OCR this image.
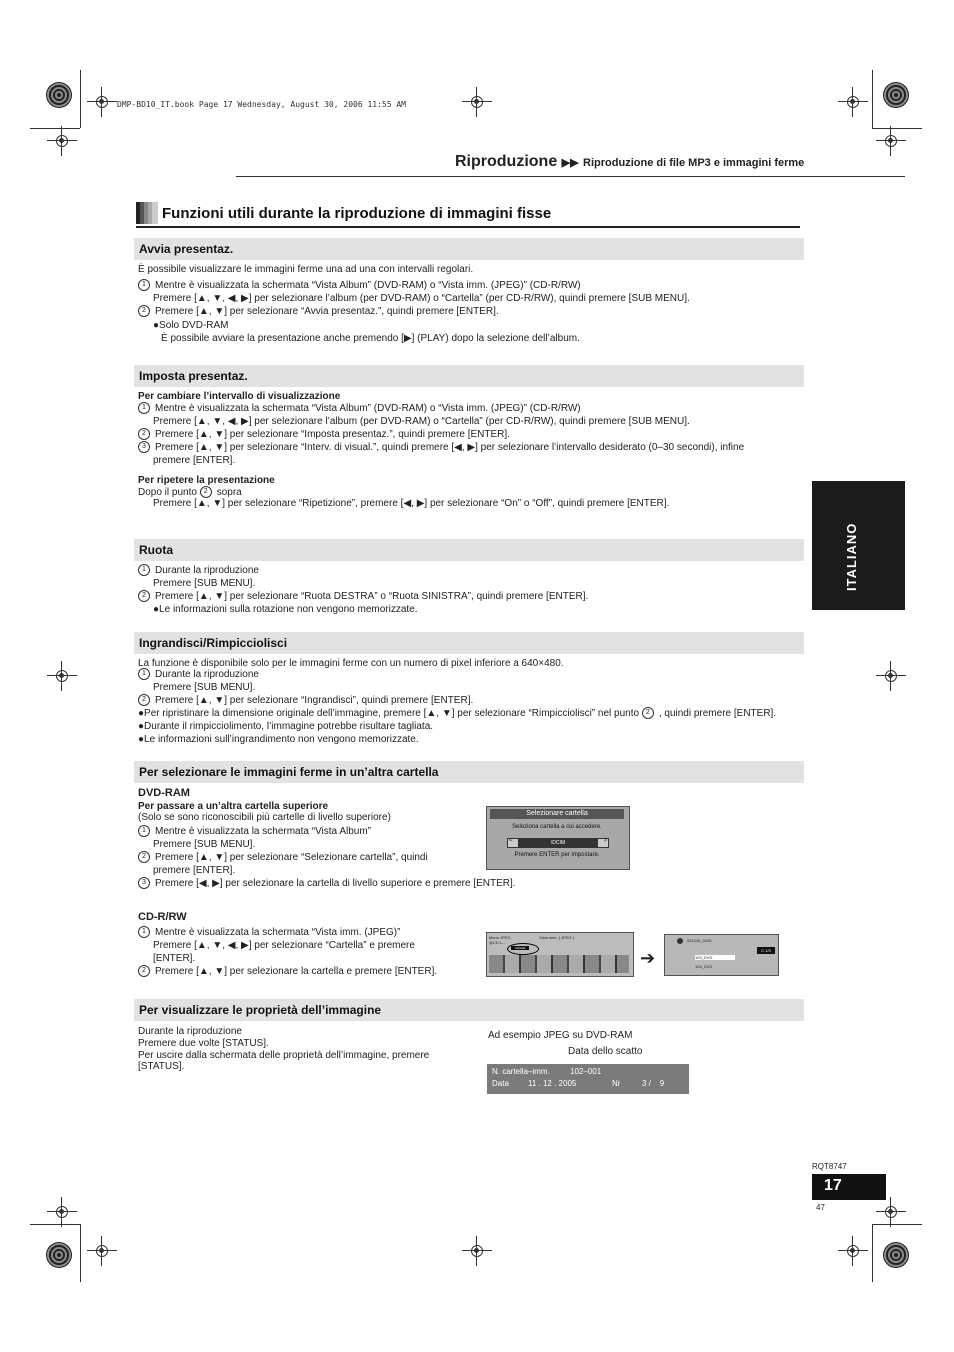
DMP-BD10_IT.book Page 17 Wednesday, August 30, 2006 11:55 AM
Riproduzione ▶▶ Riproduzione di file MP3 e immagini ferme
Funzioni utili durante la riproduzione di immagini fisse
ITALIANO
Avvia presentaz.
È possibile visualizzare le immagini ferme una ad una con intervalli regolari.
1 Mentre è visualizzata la schermata “Vista Album” (DVD-RAM) o “Vista imm. (JPEG)” (CD-R/RW)
Premere [▲, ▼, ◀, ▶] per selezionare l’album (per DVD-RAM) o “Cartella” (per CD-R/RW), quindi premere [SUB MENU].
2 Premere [▲, ▼] per selezionare “Avvia presentaz.”, quindi premere [ENTER].
●Solo DVD-RAM
È possibile avviare la presentazione anche premendo [▶] (PLAY) dopo la selezione dell’album.
Imposta presentaz.
Per cambiare l’intervallo di visualizzazione
1 Mentre è visualizzata la schermata “Vista Album” (DVD-RAM) o “Vista imm. (JPEG)” (CD-R/RW)
Premere [▲, ▼, ◀, ▶] per selezionare l’album (per DVD-RAM) o “Cartella” (per CD-R/RW), quindi premere [SUB MENU].
2 Premere [▲, ▼] per selezionare “Imposta presentaz.”, quindi premere [ENTER].
3 Premere [▲, ▼] per selezionare “Interv. di visual.”, quindi premere [◀, ▶] per selezionare l’intervallo desiderato (0–30 secondi), infine
premere [ENTER].
Per ripetere la presentazione
Dopo il punto 2 sopra
Premere [▲, ▼] per selezionare “Ripetizione”, premere [◀, ▶] per selezionare “On” o “Off”, quindi premere [ENTER].
Ruota
1 Durante la riproduzione
Premere [SUB MENU].
2 Premere [▲, ▼] per selezionare “Ruota DESTRA” o “Ruota SINISTRA”, quindi premere [ENTER].
●Le informazioni sulla rotazione non vengono memorizzate.
Ingrandisci/Rimpicciolisci
La funzione è disponibile solo per le immagini ferme con un numero di pixel inferiore a 640×480.
1 Durante la riproduzione
Premere [SUB MENU].
2 Premere [▲, ▼] per selezionare “Ingrandisci”, quindi premere [ENTER].
●Per ripristinare la dimensione originale dell’immagine, premere [▲, ▼] per selezionare “Rimpicciolisci” nel punto 2 , quindi premere [ENTER].
●Durante il rimpicciolimento, l’immagine potrebbe risultare tagliata.
●Le informazioni sull’ingrandimento non vengono memorizzate.
Per selezionare le immagini ferme in un’altra cartella
DVD-RAM
Per passare a un’altra cartella superiore
(Solo se sono riconoscibili più cartelle di livello superiore)
1 Mentre è visualizzata la schermata “Vista Album”
Premere [SUB MENU].
2 Premere [▲, ▼] per selezionare “Selezionare cartella”, quindi
premere [ENTER].
3 Premere [◀, ▶] per selezionare la cartella di livello superiore e premere [ENTER].
Selezionare cartella
Seleziona cartella a cui accedere.
<	\DCIM	>
Premere ENTER per impostare.
CD-R/RW
1 Mentre è visualizzata la schermata “Vista imm. (JPEG)”
Premere [▲, ▼, ◀, ▶] per selezionare “Cartella” e premere
[ENTER].
2 Premere [▲, ▼] per selezionare la cartella e premere [ENTER].
Menu JPEG
@CD L...
Vista imm. ( JPEG )
Cartella	➔
001216_0026
103_DVD
104_DVD
C 1/3
Per visualizzare le proprietà dell’immagine
Durante la riproduzione
Premere due volte [STATUS].
Per uscire dalla schermata delle proprietà dell’immagine, premere
[STATUS].
Ad esempio JPEG su DVD-RAM
Data dello scatto
N. cartella–imm.	102–001
Data 11 . 12 . 2005	Nr	3 /    9
RQT8747
17
47
